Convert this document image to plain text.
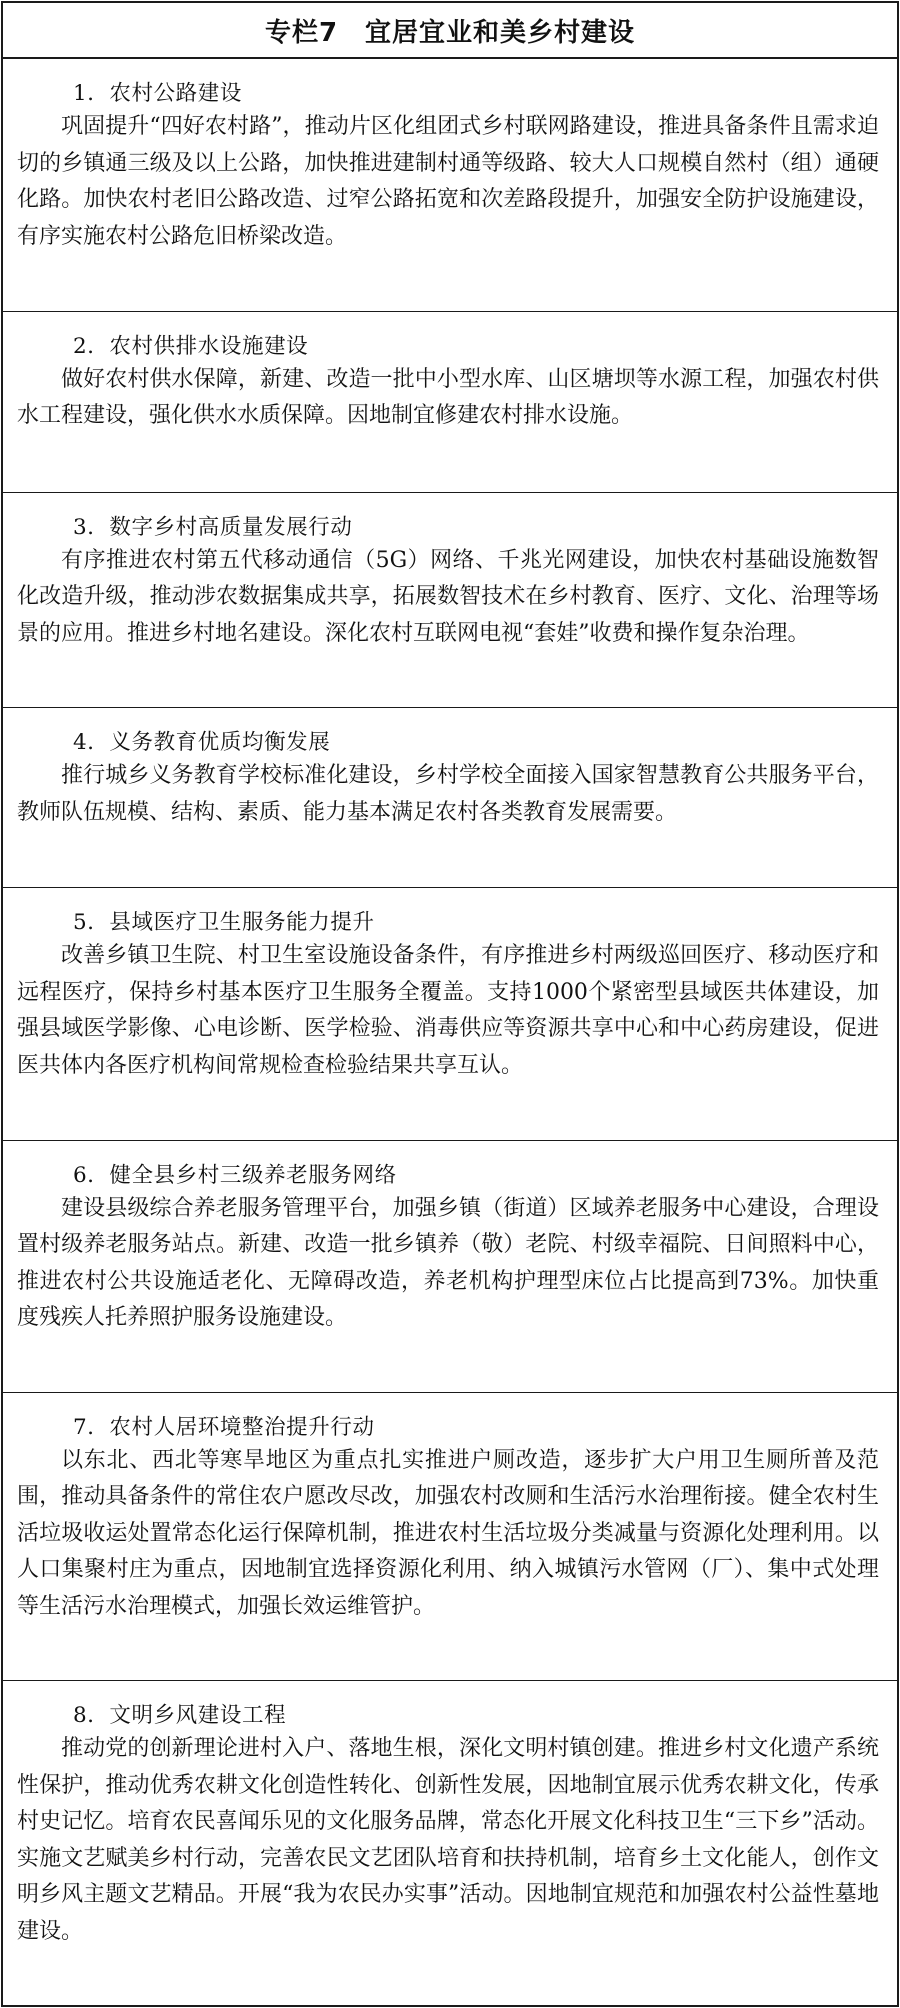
专栏7　宜居宜业和美乡村建设
1．农村公路建设

巩固提升“四好农村路”，推动片区化组团式乡村联网路建设，推进具备条件且需求迫切的乡镇通三级及以上公路，加快推进建制村通等级路、较大人口规模自然村（组）通硬化路。加快农村老旧公路改造、过窄公路拓宽和次差路段提升，加强安全防护设施建设，有序实施农村公路危旧桥梁改造。

2．农村供排水设施建设

做好农村供水保障，新建、改造一批中小型水库、山区塘坝等水源工程，加强农村供水工程建设，强化供水水质保障。因地制宜修建农村排水设施。

3．数字乡村高质量发展行动

有序推进农村第五代移动通信（5G）网络、千兆光网建设，加快农村基础设施数智化改造升级，推动涉农数据集成共享，拓展数智技术在乡村教育、医疗、文化、治理等场景的应用。推进乡村地名建设。深化农村互联网电视“套娃”收费和操作复杂治理。

4．义务教育优质均衡发展

推行城乡义务教育学校标准化建设，乡村学校全面接入国家智慧教育公共服务平台，教师队伍规模、结构、素质、能力基本满足农村各类教育发展需要。

5．县域医疗卫生服务能力提升

改善乡镇卫生院、村卫生室设施设备条件，有序推进乡村两级巡回医疗、移动医疗和远程医疗，保持乡村基本医疗卫生服务全覆盖。支持1000个紧密型县域医共体建设，加强县域医学影像、心电诊断、医学检验、消毒供应等资源共享中心和中心药房建设，促进医共体内各医疗机构间常规检查检验结果共享互认。

6．健全县乡村三级养老服务网络

建设县级综合养老服务管理平台，加强乡镇（街道）区域养老服务中心建设，合理设置村级养老服务站点。新建、改造一批乡镇养（敬）老院、村级幸福院、日间照料中心，推进农村公共设施适老化、无障碍改造，养老机构护理型床位占比提高到73%。加快重度残疾人托养照护服务设施建设。

7．农村人居环境整治提升行动

以东北、西北等寒旱地区为重点扎实推进户厕改造，逐步扩大户用卫生厕所普及范围，推动具备条件的常住农户愿改尽改，加强农村改厕和生活污水治理衔接。健全农村生活垃圾收运处置常态化运行保障机制，推进农村生活垃圾分类减量与资源化处理利用。以人口集聚村庄为重点，因地制宜选择资源化利用、纳入城镇污水管网（厂）、集中式处理等生活污水治理模式，加强长效运维管护。

8．文明乡风建设工程

推动党的创新理论进村入户、落地生根，深化文明村镇创建。推进乡村文化遗产系统性保护，推动优秀农耕文化创造性转化、创新性发展，因地制宜展示优秀农耕文化，传承村史记忆。培育农民喜闻乐见的文化服务品牌，常态化开展文化科技卫生“三下乡”活动。实施文艺赋美乡村行动，完善农民文艺团队培育和扶持机制，培育乡土文化能人，创作文明乡风主题文艺精品。开展“我为农民办实事”活动。因地制宜规范和加强农村公益性墓地建设。
